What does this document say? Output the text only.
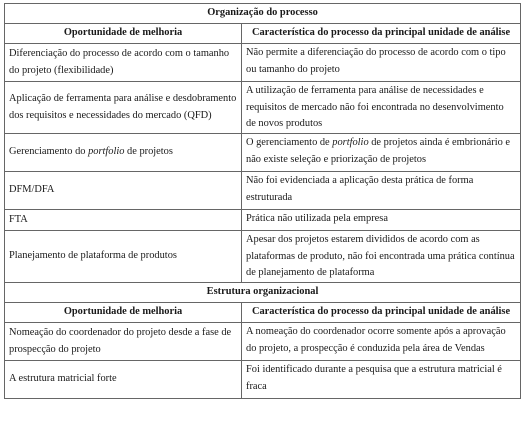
Organização do processo	
Oportunidade de melhoria	Característica do processo da principal unidade de análise
Diferenciação do processo de acordo com o tamanho do projeto (flexibilidade)	Não permite a diferenciação do processo de acordo com o tipo ou tamanho do projeto
Aplicação de ferramenta para análise e desdobramento dos requisitos e necessidades do mercado (QFD)	A utilização de ferramenta para análise de necessidades e requisitos de mercado não foi encontrada no desenvolvimento de novos produtos
Gerenciamento do portfolio de projetos	O gerenciamento de portfolio de projetos ainda é embrionário e não existe seleção e priorização de projetos
DFM/DFA	Não foi evidenciada a aplicação desta prática de forma estruturada
FTA	Prática não utilizada pela empresa
Planejamento de plataforma de produtos	Apesar dos projetos estarem divididos de acordo com as plataformas de produto, não foi encontrada uma prática contínua de planejamento de plataforma
Estrutura organizacional	
Oportunidade de melhoria	Característica do processo da principal unidade de análise
Nomeação do coordenador do projeto desde a fase de prospecção do projeto	A nomeação do coordenador ocorre somente após a aprovação do projeto, a prospecção é conduzida pela área de Vendas
A estrutura matricial forte	Foi identificado durante a pesquisa que a estrutura matricial é fraca
